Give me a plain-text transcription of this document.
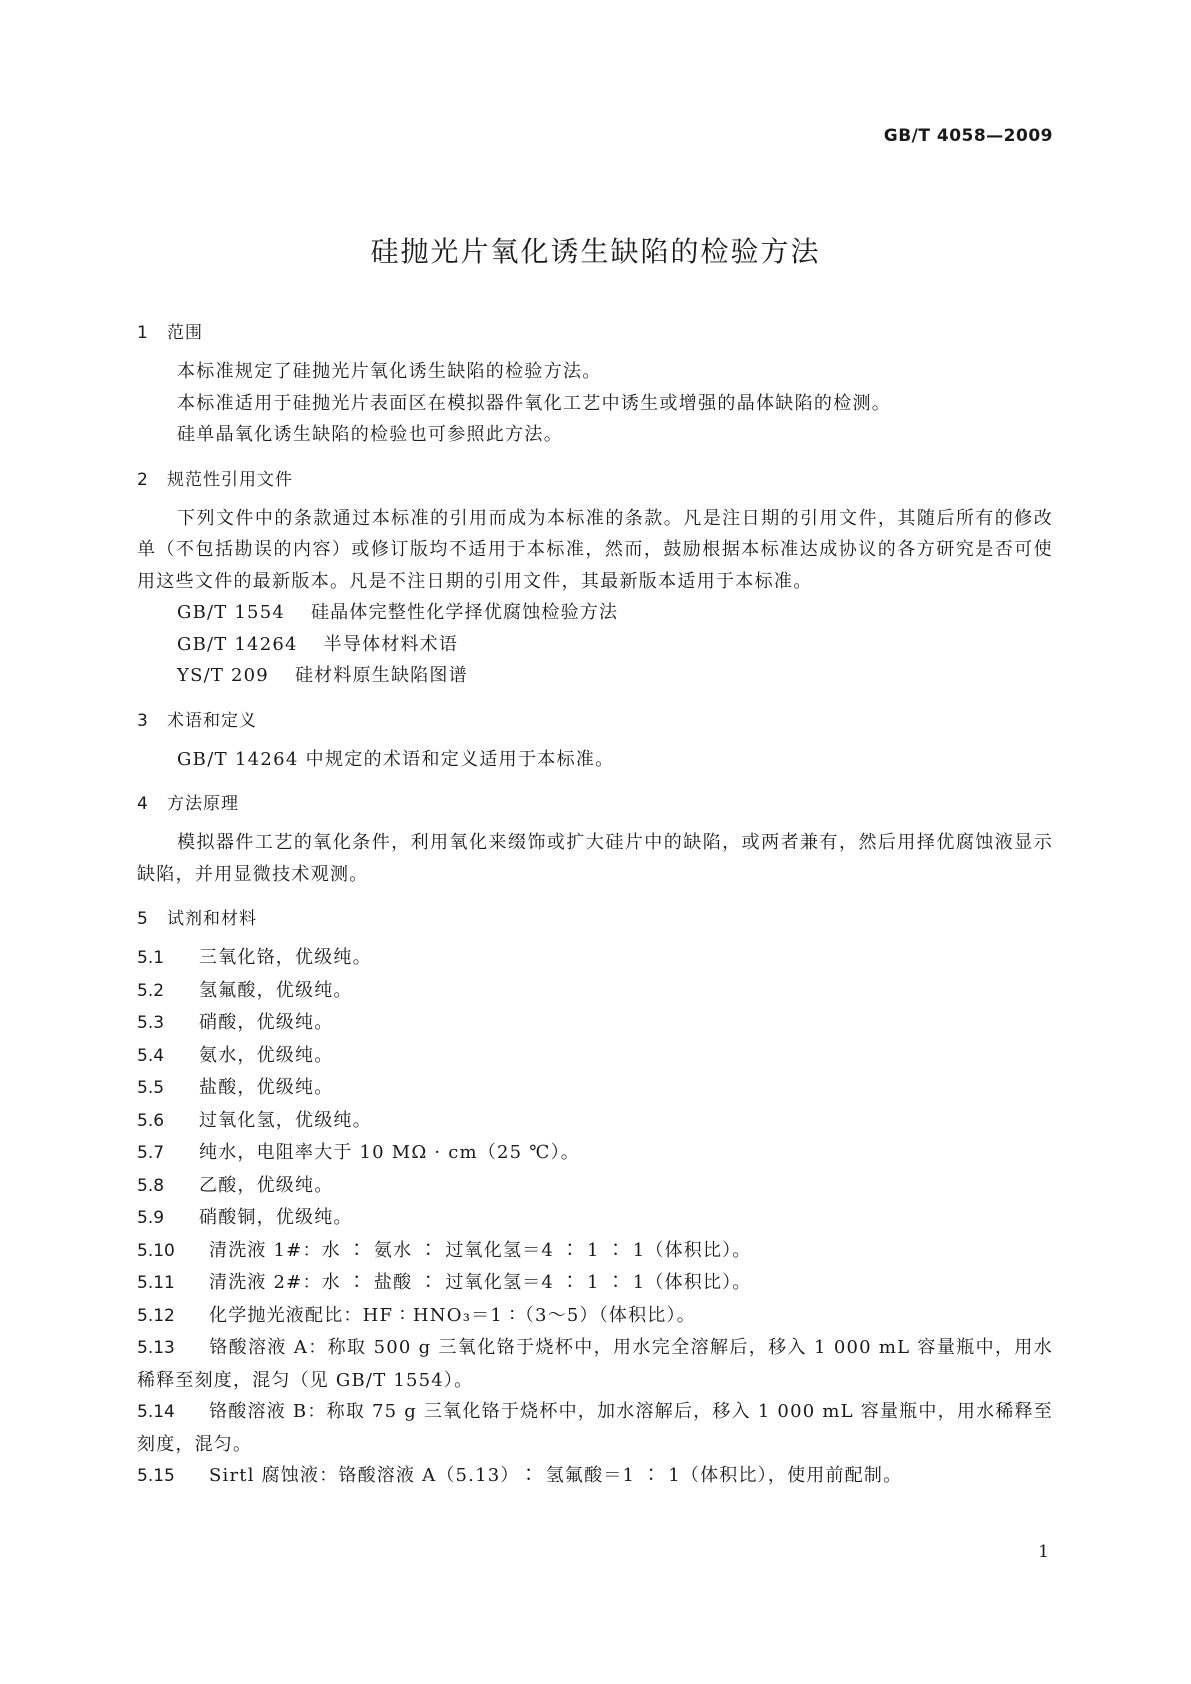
GB/T 4058—2009
硅抛光片氧化诱生缺陷的检验方法
1 范围
本标准规定了硅抛光片氧化诱生缺陷的检验方法。
本标准适用于硅抛光片表面区在模拟器件氧化工艺中诱生或增强的晶体缺陷的检测。
硅单晶氧化诱生缺陷的检验也可参照此方法。
2 规范性引用文件
下列文件中的条款通过本标准的引用而成为本标准的条款。凡是注日期的引用文件，其随后所有的修改单（不包括勘误的内容）或修订版均不适用于本标准，然而，鼓励根据本标准达成协议的各方研究是否可使用这些文件的最新版本。凡是不注日期的引用文件，其最新版本适用于本标准。
GB/T 1554 硅晶体完整性化学择优腐蚀检验方法
GB/T 14264 半导体材料术语
YS/T 209 硅材料原生缺陷图谱
3 术语和定义
GB/T 14264 中规定的术语和定义适用于本标准。
4 方法原理
模拟器件工艺的氧化条件，利用氧化来缀饰或扩大硅片中的缺陷，或两者兼有，然后用择优腐蚀液显示缺陷，并用显微技术观测。
5 试剂和材料
5.1 三氧化铬，优级纯。
5.2 氢氟酸，优级纯。
5.3 硝酸，优级纯。
5.4 氨水，优级纯。
5.5 盐酸，优级纯。
5.6 过氧化氢，优级纯。
5.7 纯水，电阻率大于 10 MΩ · cm（25 ℃）。
5.8 乙酸，优级纯。
5.9 硝酸铜，优级纯。
5.10 清洗液 1#：水 ∶ 氨水 ∶ 过氧化氢＝4 ∶ 1 ∶ 1（体积比）。
5.11 清洗液 2#：水 ∶ 盐酸 ∶ 过氧化氢＝4 ∶ 1 ∶ 1（体积比）。
5.12 化学抛光液配比：HF ∶ HNO₃＝1 ∶（3～5）（体积比）。
5.13 铬酸溶液 A：称取 500 g 三氧化铬于烧杯中，用水完全溶解后，移入 1 000 mL 容量瓶中，用水稀释至刻度，混匀（见 GB/T 1554）。
5.14 铬酸溶液 B：称取 75 g 三氧化铬于烧杯中，加水溶解后，移入 1 000 mL 容量瓶中，用水稀释至刻度，混匀。
5.15 Sirtl 腐蚀液：铬酸溶液 A（5.13）∶ 氢氟酸＝1 ∶ 1（体积比），使用前配制。
1
